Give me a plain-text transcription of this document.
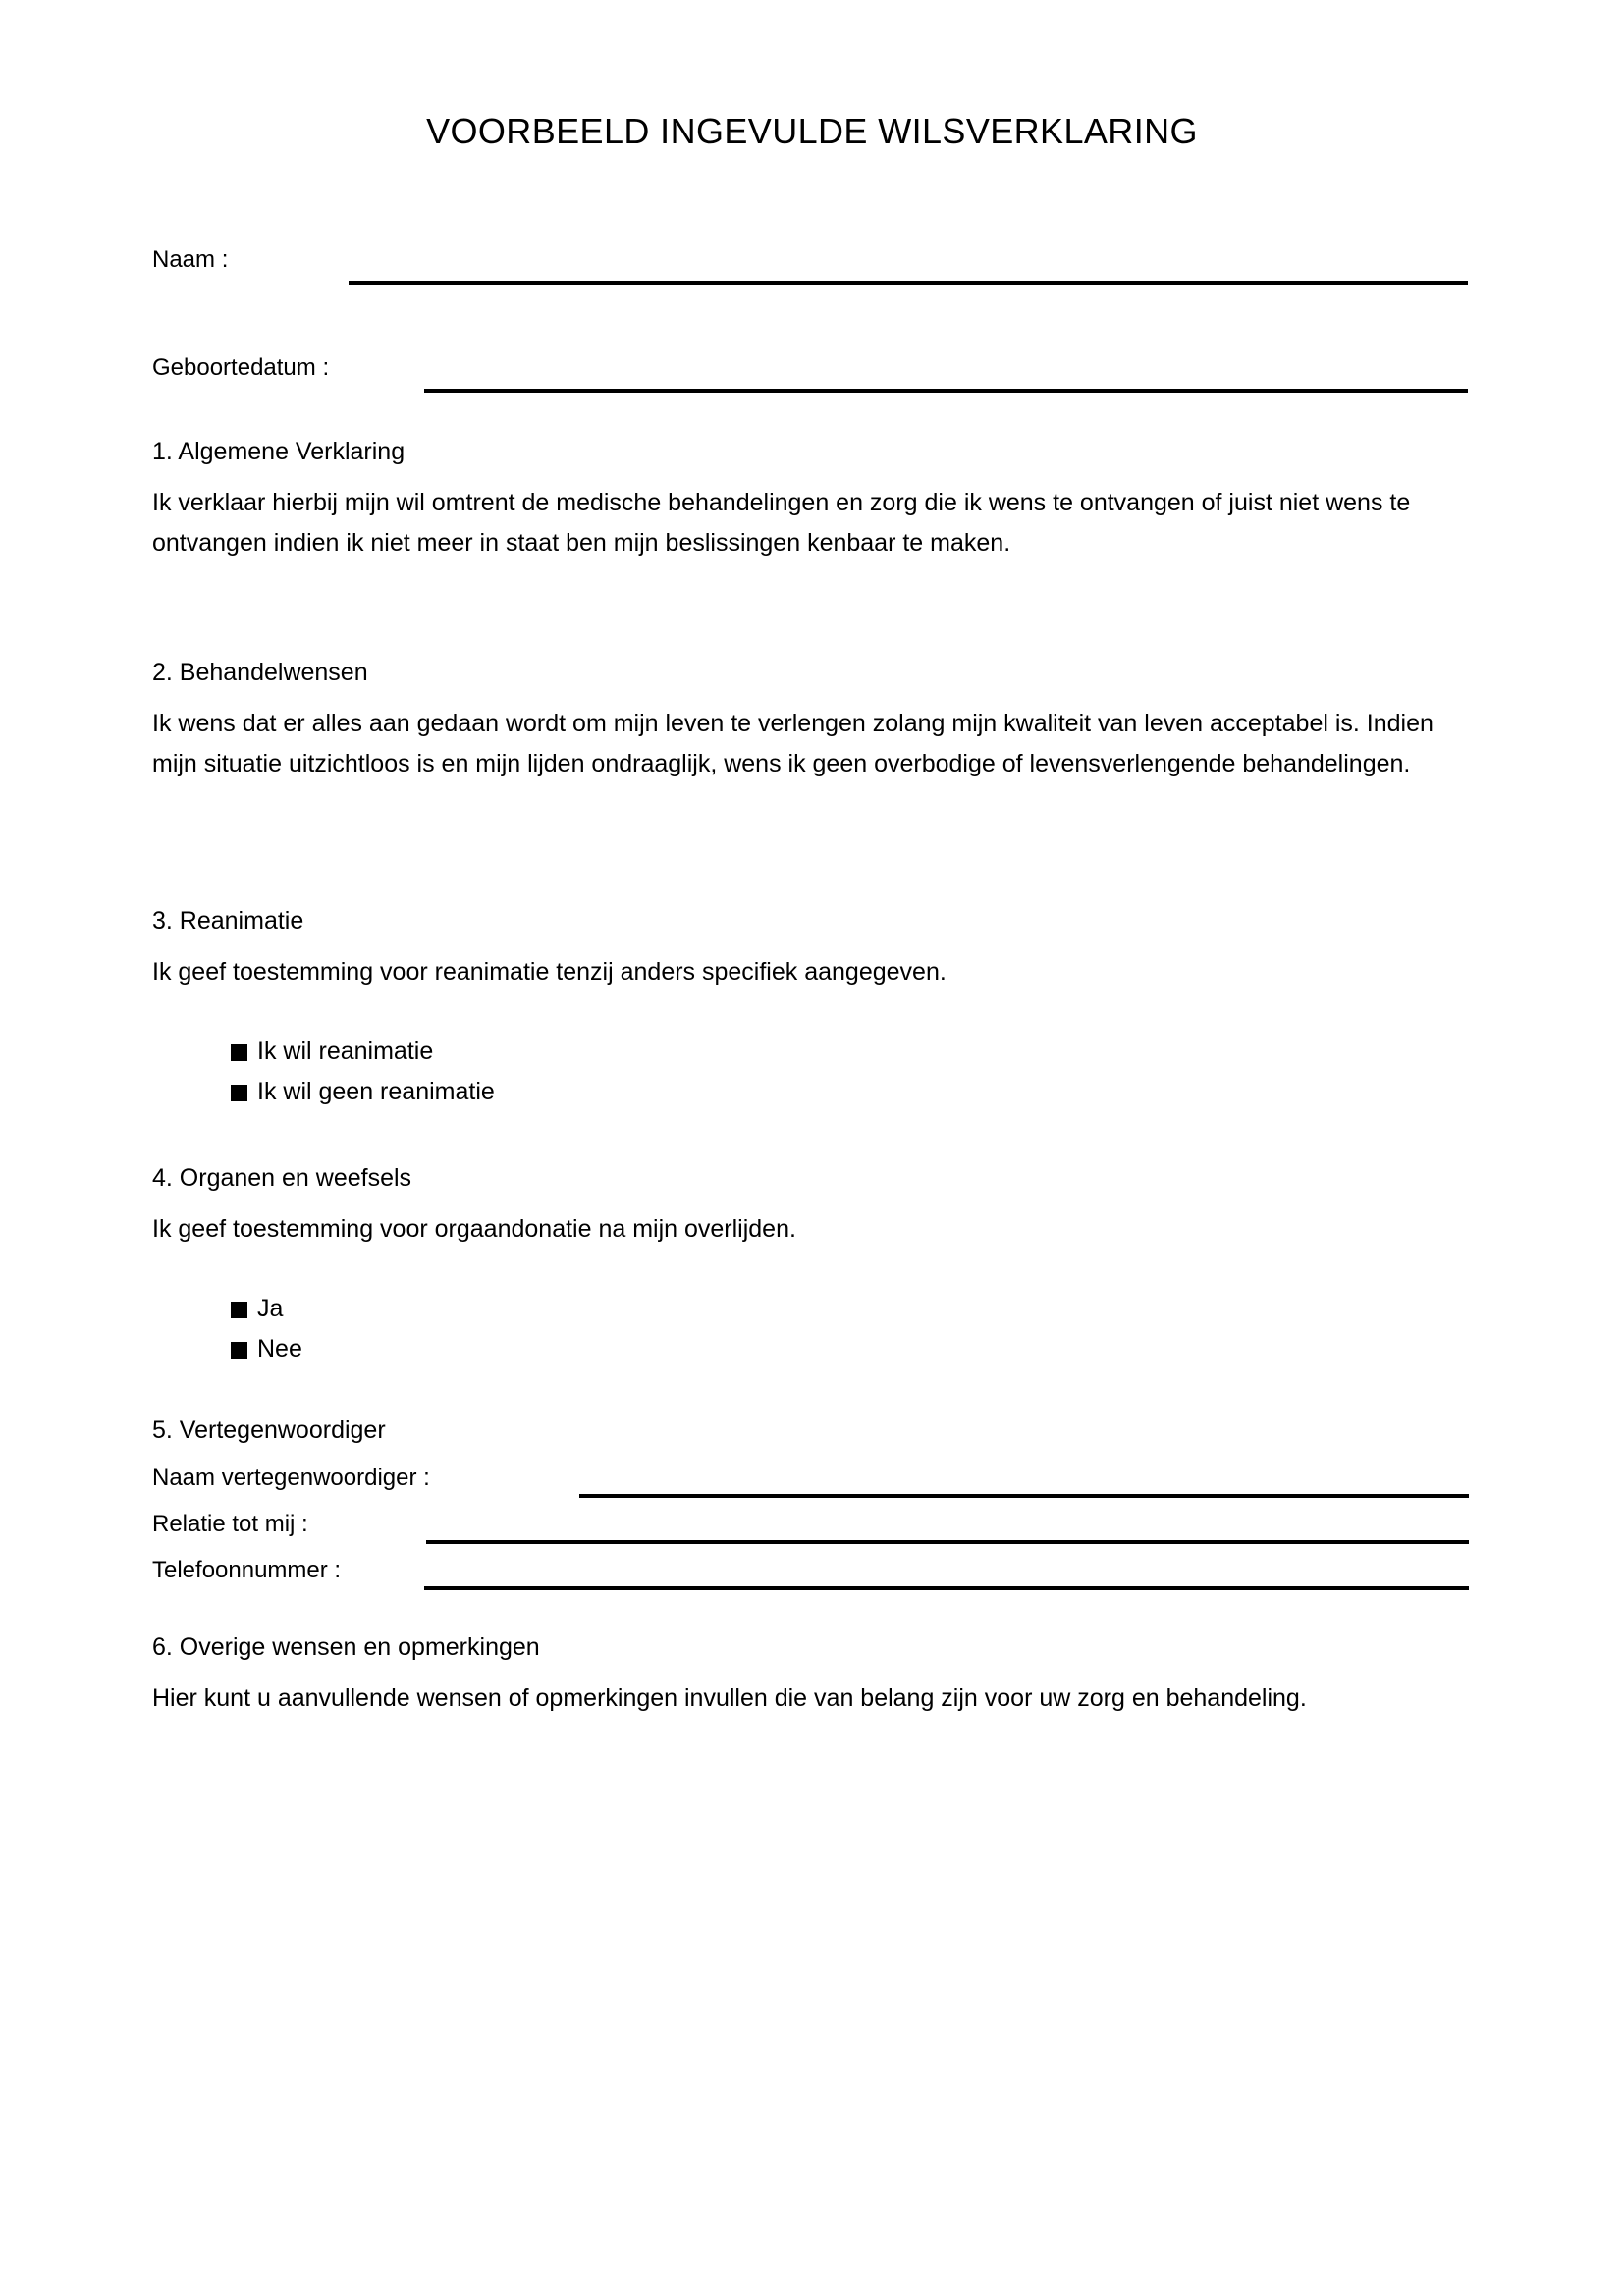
VOORBEELD INGEVULDE WILSVERKLARING
Naam :
Geboortedatum :

1. Algemene Verklaring

Ik verklaar hierbij mijn wil omtrent de medische behandelingen en zorg die ik wens te ontvangen of juist niet wens te ontvangen indien ik niet meer in staat ben mijn beslissingen kenbaar te maken.

2. Behandelwensen

Ik wens dat er alles aan gedaan wordt om mijn leven te verlengen zolang mijn kwaliteit van leven acceptabel is. Indien mijn situatie uitzichtloos is en mijn lijden ondraaglijk, wens ik geen overbodige of levensverlengende behandelingen.

3. Reanimatie

Ik geef toestemming voor reanimatie tenzij anders specifiek aangegeven.

Ik wil reanimatie
Ik wil geen reanimatie

4. Organen en weefsels

Ik geef toestemming voor orgaandonatie na mijn overlijden.

Ja
Nee

5. Vertegenwoordiger

Naam vertegenwoordiger :
Relatie tot mij :
Telefoonnummer :

6. Overige wensen en opmerkingen

Hier kunt u aanvullende wensen of opmerkingen invullen die van belang zijn voor uw zorg en behandeling.
